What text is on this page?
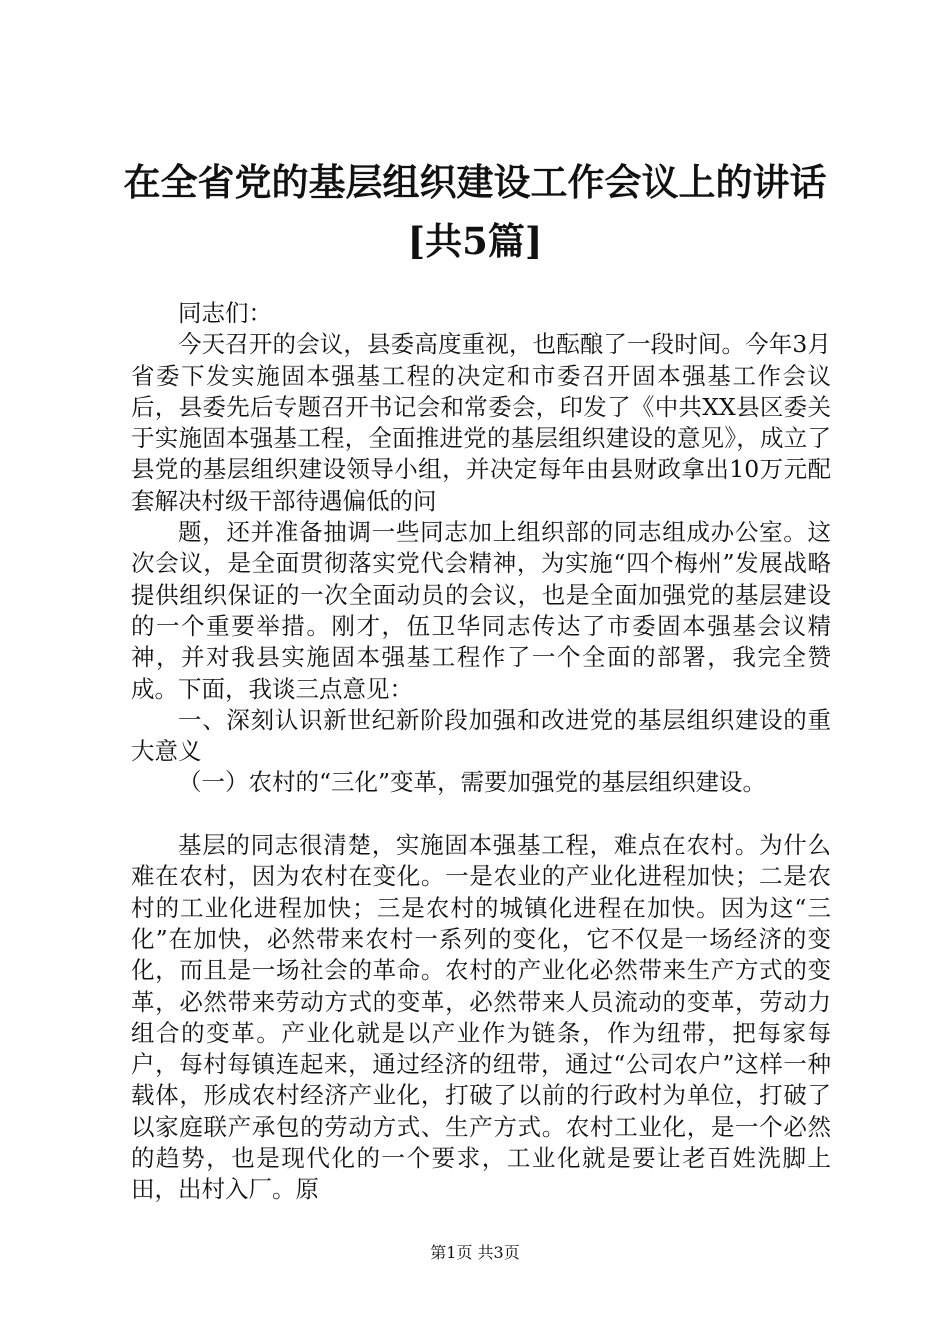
在全省党的基层组织建设工作会议上的讲话
[共5篇]

同志们：

今天召开的会议，县委高度重视，也酝酿了一段时间。今年3月省委下发实施固本强基工程的决定和市委召开固本强基工作会议后，县委先后专题召开书记会和常委会，印发了《中共XX县区委关于实施固本强基工程，全面推进党的基层组织建设的意见》，成立了县党的基层组织建设领导小组，并决定每年由县财政拿出10万元配套解决村级干部待遇偏低的问

题，还并准备抽调一些同志加上组织部的同志组成办公室。这次会议，是全面贯彻落实党代会精神，为实施“四个梅州”发展战略提供组织保证的一次全面动员的会议，也是全面加强党的基层建设的一个重要举措。刚才，伍卫华同志传达了市委固本强基会议精神，并对我县实施固本强基工程作了一个全面的部署，我完全赞成。下面，我谈三点意见：

一、深刻认识新世纪新阶段加强和改进党的基层组织建设的重大意义

（一）农村的“三化”变革，需要加强党的基层组织建设。

基层的同志很清楚，实施固本强基工程，难点在农村。为什么难在农村，因为农村在变化。一是农业的产业化进程加快；二是农村的工业化进程加快；三是农村的城镇化进程在加快。因为这“三化”在加快，必然带来农村一系列的变化，它不仅是一场经济的变化，而且是一场社会的革命。农村的产业化必然带来生产方式的变革，必然带来劳动方式的变革，必然带来人员流动的变革，劳动力组合的变革。产业化就是以产业作为链条，作为纽带，把每家每户，每村每镇连起来，通过经济的纽带，通过“公司农户”这样一种载体，形成农村经济产业化，打破了以前的行政村为单位，打破了以家庭联产承包的劳动方式、生产方式。农村工业化，是一个必然的趋势，也是现代化的一个要求，工业化就是要让老百姓洗脚上田，出村入厂。原

第1页 共3页
